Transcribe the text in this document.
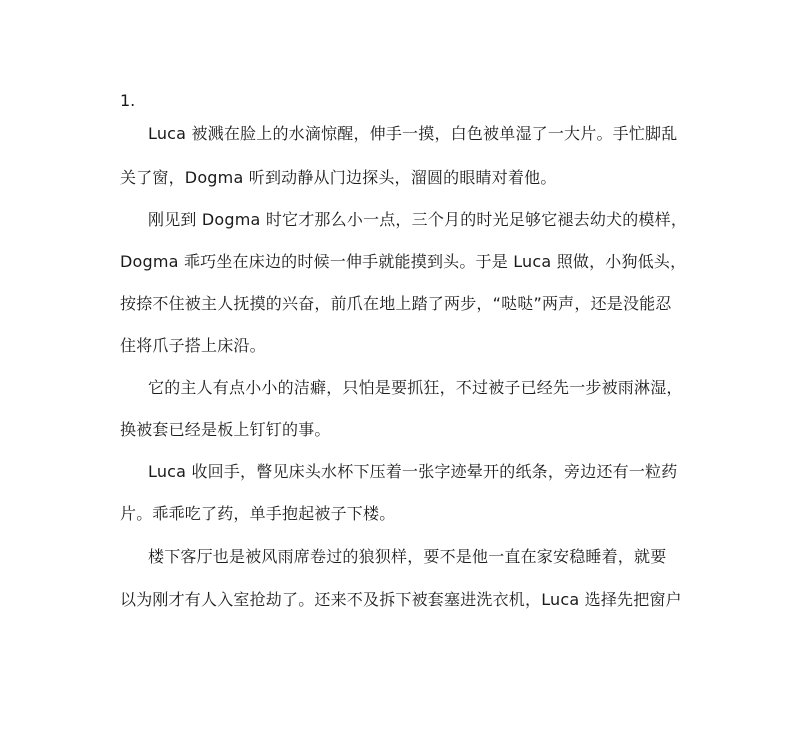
1.

Luca 被溅在脸上的水滴惊醒，伸手一摸，白色被单湿了一大片。手忙脚乱

关了窗，Dogma 听到动静从门边探头，溜圆的眼睛对着他。

刚见到 Dogma 时它才那么小一点，三个月的时光足够它褪去幼犬的模样，

Dogma 乖巧坐在床边的时候一伸手就能摸到头。于是 Luca 照做，小狗低头，

按捺不住被主人抚摸的兴奋，前爪在地上踏了两步，“哒哒”两声，还是没能忍

住将爪子搭上床沿。

它的主人有点小小的洁癖，只怕是要抓狂，不过被子已经先一步被雨淋湿，

换被套已经是板上钉钉的事。

Luca 收回手，瞥见床头水杯下压着一张字迹晕开的纸条，旁边还有一粒药

片。乖乖吃了药，单手抱起被子下楼。

楼下客厅也是被风雨席卷过的狼狈样，要不是他一直在家安稳睡着，就要

以为刚才有人入室抢劫了。还来不及拆下被套塞进洗衣机，Luca 选择先把窗户
